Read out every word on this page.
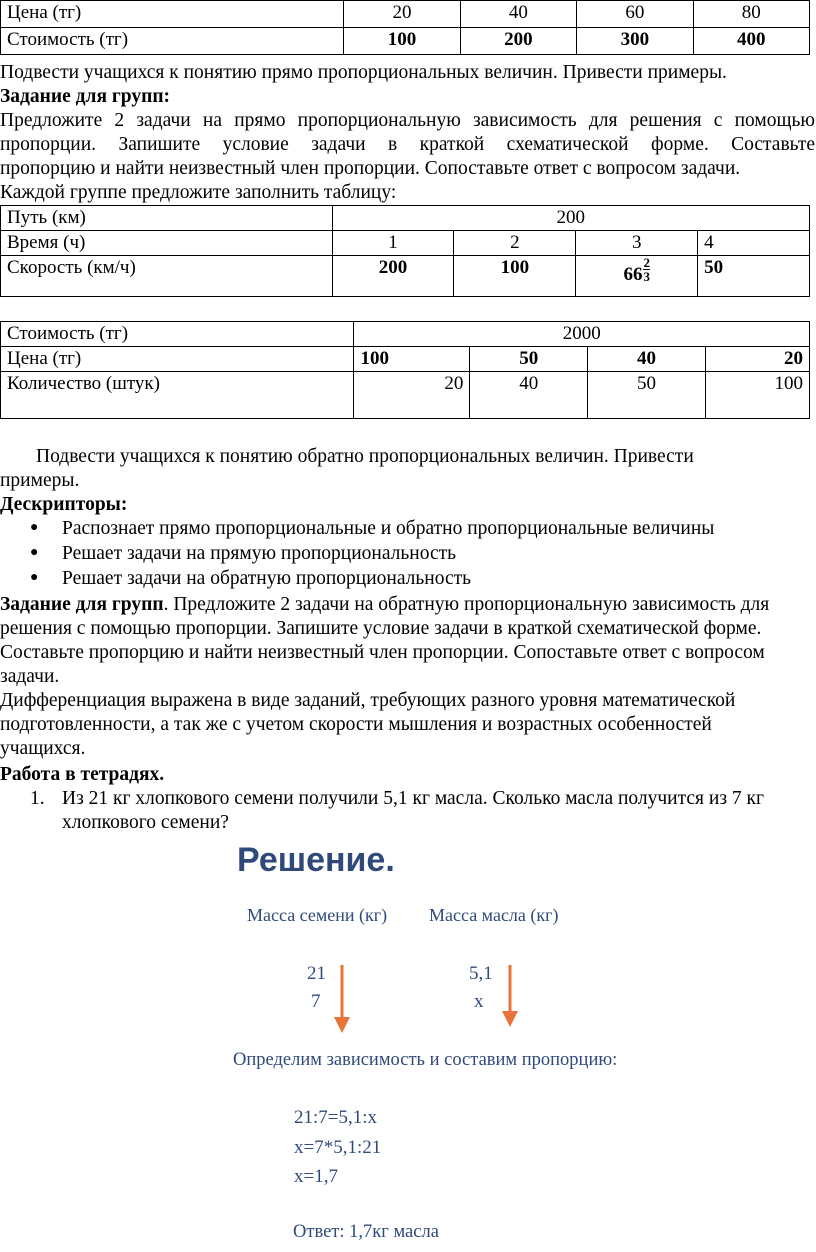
Цена (тг)	20	40	60	80
Стоимость (тг)	100	200	300	400
Подвести учащихся к понятию прямо пропорциональных величин. Привести примеры.
Задание для групп:
Предложите 2 задачи на прямо пропорциональную зависимость для решения с помощью
пропорции. Запишите условие задачи в краткой схематической форме. Составьте
пропорцию и найти неизвестный член пропорции. Сопоставьте ответ с вопросом задачи.
Каждой группе предложите заполнить таблицу:
Путь (км)	200			
Время (ч)	1	2	3	4
Скорость (км/ч)	200	100	$66 \frac{2}{3}$	50
Стоимость (тг)	2000			
Цена (тг)	100	50	40	20
Количество (штук)	20	40	50	100
Подвести учащихся к понятию обратно пропорциональных величин. Привести
примеры.
Дескрипторы:
● Распознает прямо пропорциональные и обратно пропорциональные величины
● Решает задачи на прямую пропорциональность
● Решает задачи на обратную пропорциональность
Задание для групп. Предложите 2 задачи на обратную пропорциональную зависимость для
решения с помощью пропорции. Запишите условие задачи в краткой схематической форме.
Составьте пропорцию и найти неизвестный член пропорции. Сопоставьте ответ с вопросом
задачи.
Дифференциация выражена в виде заданий, требующих разного уровня математической
подготовленности, а так же с учетом скорости мышления и возрастных особенностей
учащихся.
Работа в тетрадях.
1. Из 21 кг хлопкового семени получили 5,1 кг масла. Сколько масла получится из 7 кг
хлопкового семени?
Решение.
Масса семени (кг) Масса масла (кг)
21
7
5,1
x
Определим зависимость и составим пропорцию:
21:7=5,1:x
x=7*5,1:21
x=1,7
Ответ: 1,7кг масла
